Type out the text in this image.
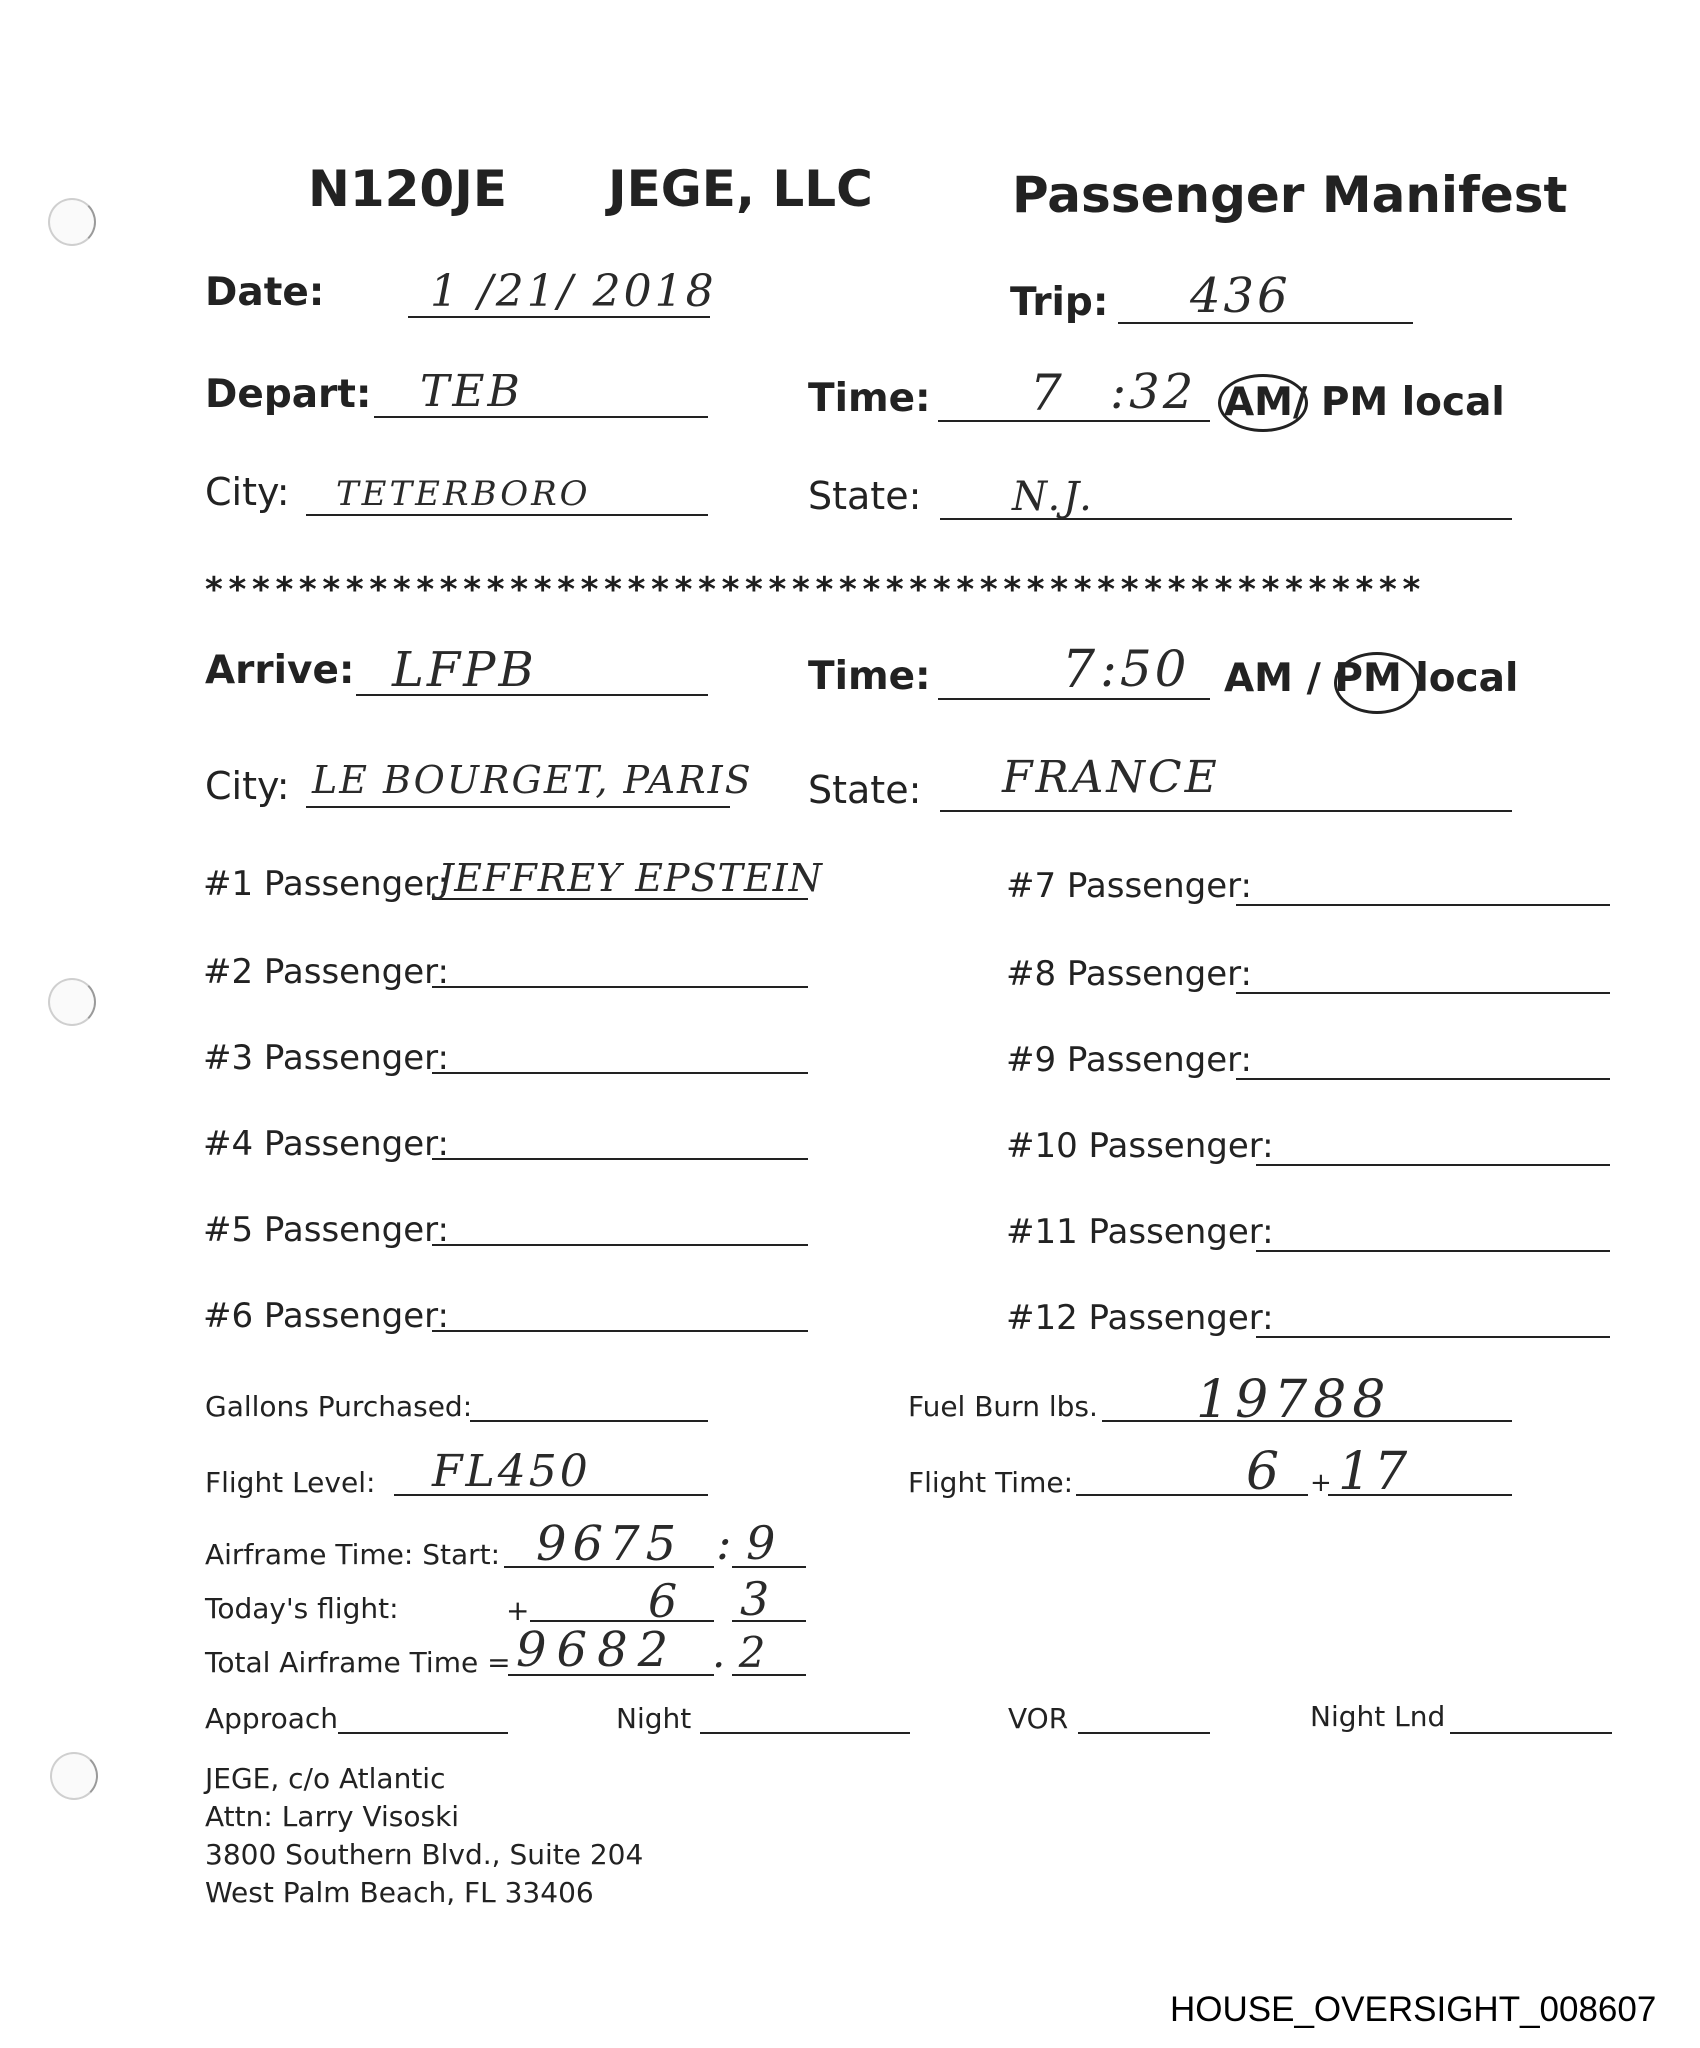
N120JE JEGE, LLC	Passenger Manifest
Date: 1 /21/ 2018	Trip: 436
Depart: TEB	Time: 7 :32 AM/ PM local
City: TETERBORO	State: N.J.
****************************************************
Arrive: LFPB	Time:	7 :50 AM / PM local
City: LE BOURGET, PARIS State: FRANCE
#1 Passenger:
JEFFREY EPSTEIN
#2 Passenger:
#3 Passenger:
#4 Passenger:
#5 Passenger:
#6 Passenger:
#7 Passenger:
#8 Passenger:
#9 Passenger:
#10 Passenger:
#11 Passenger:
#12 Passenger:
Gallons Purchased:	Fuel Burn lbs. 19788
Flight Level: FL450	Flight Time:	6 + 17
Airframe Time: Start: 9675 : 9
Today's flight:	+	6 3
Total Airframe Time = 9682 . 2
Approach	Night	VOR	Night Lnd
JEGE, c/o Atlantic
Attn: Larry Visoski
3800 Southern Blvd., Suite 204
West Palm Beach, FL 33406
HOUSE_OVERSIGHT_008607
